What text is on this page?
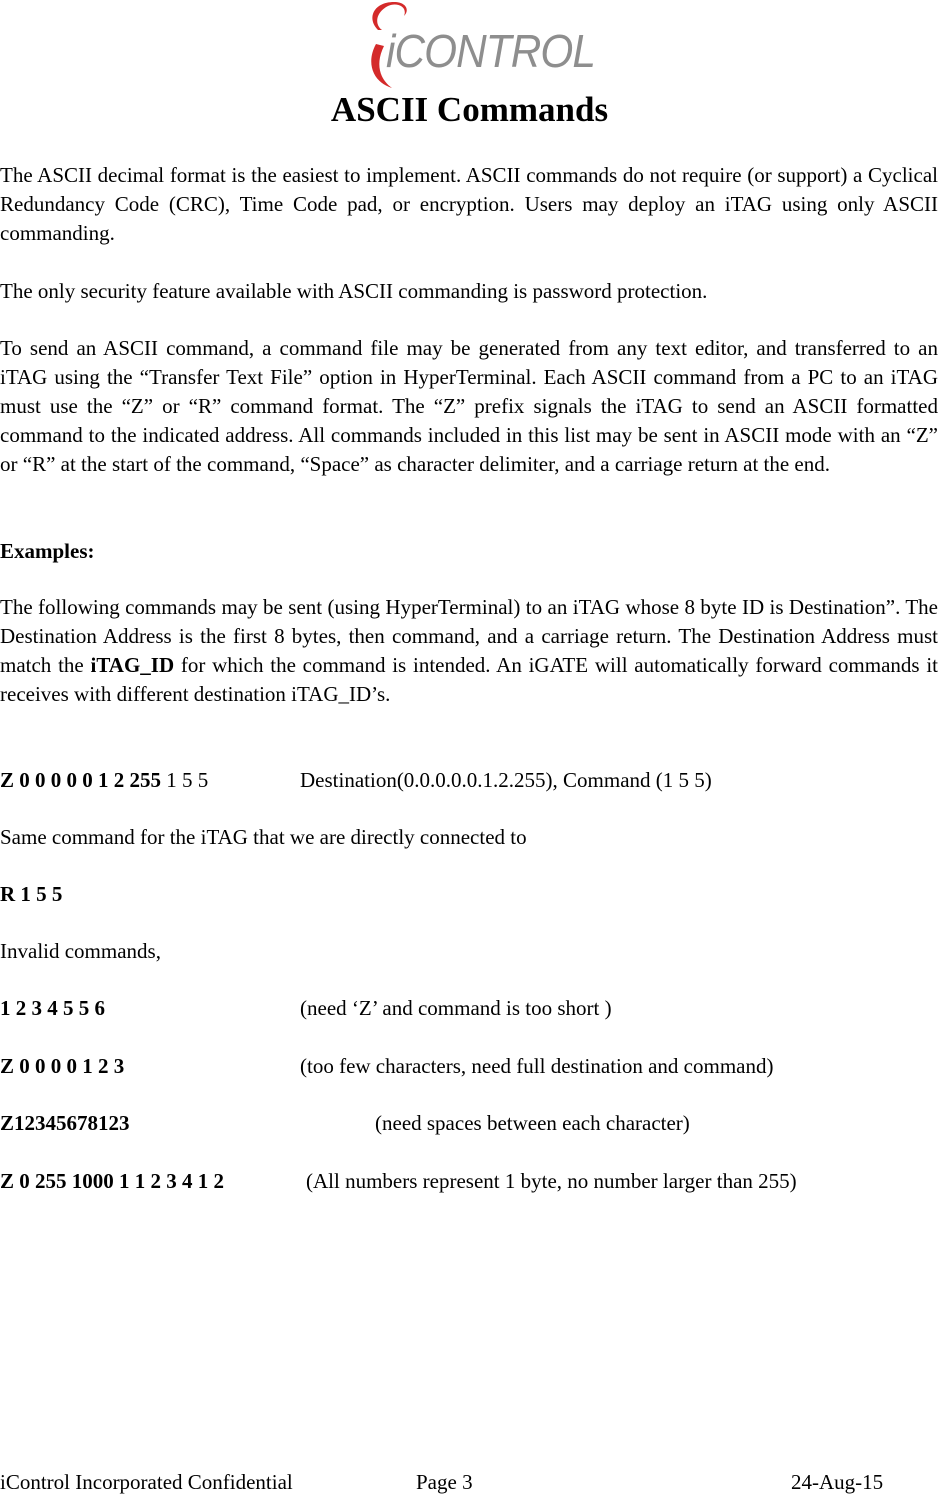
iCONTROL
ASCII Commands

The ASCII decimal format is the easiest to implement. ASCII commands do not require (or support) a Cyclical Redundancy Code (CRC), Time Code pad, or encryption. Users may deploy an iTAG using only ASCII commanding.

The only security feature available with ASCII commanding is password protection.

To send an ASCII command, a command file may be generated from any text editor, and transferred to an iTAG using the “Transfer Text File” option in HyperTerminal. Each ASCII command from a PC to an iTAG must use the “Z” or “R” command format. The “Z” prefix signals the iTAG to send an ASCII formatted command to the indicated address. All commands included in this list may be sent in ASCII mode with an “Z” or “R” at the start of the command, “Space” as character delimiter, and a carriage return at the end.

Examples:

The following commands may be sent (using HyperTerminal) to an iTAG whose 8 byte ID is Destination”. The Destination Address is the first 8 bytes, then command, and a carriage return. The Destination Address must match the iTAG_ID for which the command is intended. An iGATE will automatically forward commands it receives with different destination iTAG_ID’s.

Z 0 0 0 0 0 1 2 255 1 5 5	Destination(0.0.0.0.0.1.2.255), Command (1 5 5)

Same command for the iTAG that we are directly connected to

R 1 5 5

Invalid commands,

1 2 3 4 5 5 6	(need ‘Z’ and command is too short )
Z 0 0 0 0 1 2 3	(too few characters, need full destination and command)
Z12345678123	(need spaces between each character)
Z 0 255 1000 1 1 2 3 4 1 2	(All numbers represent 1 byte, no number larger than 255)
iControl Incorporated Confidential	Page 3	24-Aug-15
